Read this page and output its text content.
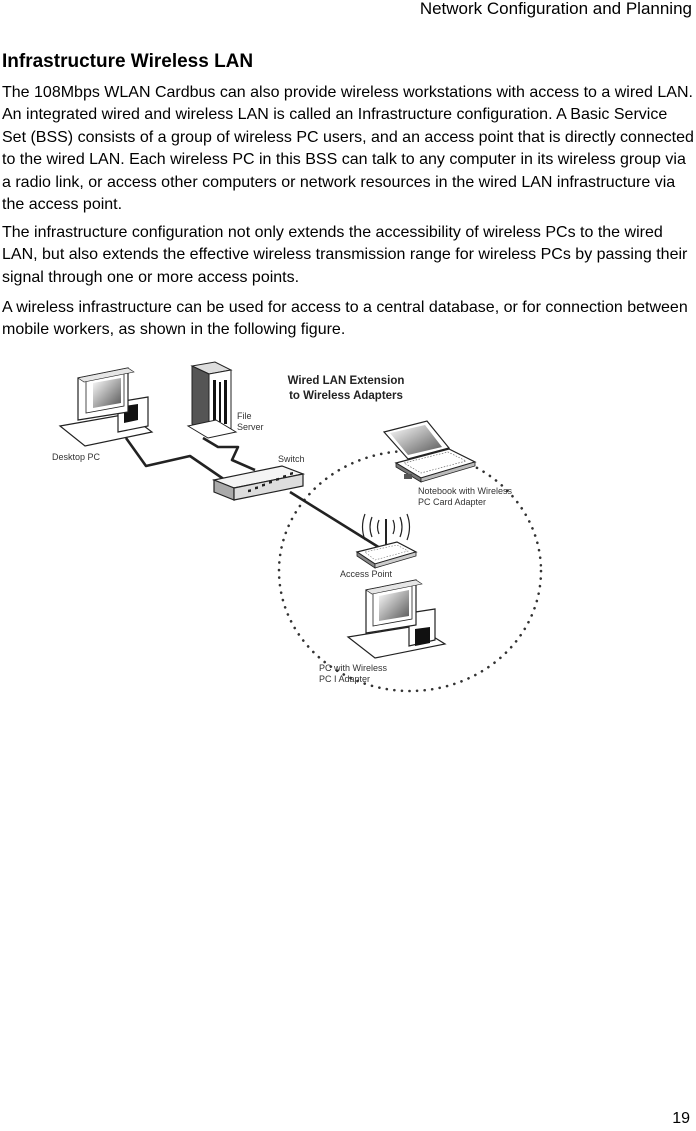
Network Configuration and Planning
Infrastructure Wireless LAN

The 108Mbps WLAN Cardbus can also provide wireless workstations with access to a wired LAN. An integrated wired and wireless LAN is called an Infrastructure configuration. A Basic Service Set (BSS) consists of a group of wireless PC users, and an access point that is directly connected to the wired LAN. Each wireless PC in this BSS can talk to any computer in its wireless group via a radio link, or access other computers or network resources in the wired LAN infrastructure via the access point.

The infrastructure configuration not only extends the accessibility of wireless PCs to the wired LAN, but also extends the effective wireless transmission range for wireless PCs by passing their signal through one or more access points.

A wireless infrastructure can be used for access to a central database, or for connection between mobile workers, as shown in the following figure.

Wired LAN Extension
to Wireless Adapters
Desktop PC
File
Server
Switch
Notebook with Wireless
PC Card Adapter
Access Point
PC with Wireless
PC I Adapter
19
